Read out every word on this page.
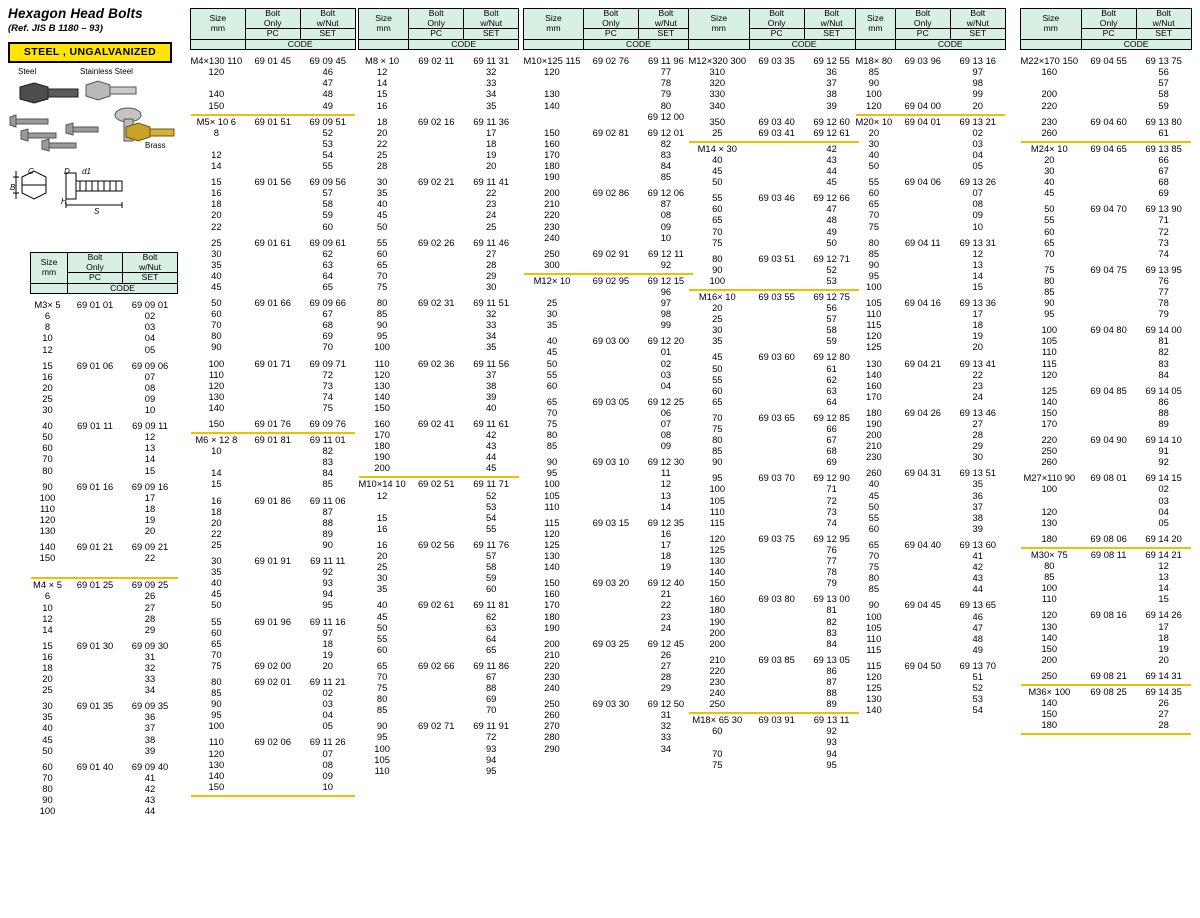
Hexagon Head Bolts
(Ref. JIS B 1180 – 93)
STEEL , UNGALVANIZED
Steel	Stainless Steel
Brass
C
B
D d1
H
S
Size
mm	Bolt
Only	Bolt
w/Nut
	PC	SET
	CODE	

M3× 5	69 01 01	69 09 01
6		02
8		03
10		04
12		05

15	69 01 06	69 09 06
16		07
20		08
25		09
30		10

40	69 01 11	69 09 11
50		12
60		13
70		14
80		15

90	69 01 16	69 09 16
100		17
110		18
120		19
130		20

140	69 01 21	69 09 21
150		22

M4 × 5	69 01 25	69 09 25
6		26
10		27
12		28
14		29

15	69 01 30	69 09 30
16		31
18		32
20		33
25		34

30	69 01 35	69 09 35
35		36
40		37
45		38
50		39

60	69 01 40	69 09 40
70		41
80		42
90		43
100		44

Size
mm	Bolt
Only	Bolt
w/Nut
	PC	SET
	CODE	

M4×130 110	69 01 45	69 09 45
120		46
		47
140		48
150		49

M5× 10 6	69 01 51	69 09 51
8		52
		53
12		54
14		55

15	69 01 56	69 09 56
16		57
18		58
20		59
22		60

25	69 01 61	69 09 61
30		62
35		63
40		64
45		65

50	69 01 66	69 09 66
60		67
70		68
80		69
90		70

100	69 01 71	69 09 71
110		72
120		73
130		74
140		75

150	69 01 76	69 09 76

M6 × 12 8	69 01 81	69 11 01
10		82
		83
14		84
15		85

16	69 01 86	69 11 06
18		87
20		88
22		89
25		90

30	69 01 91	69 11 11
35		92
40		93
45		94
50		95

55	69 01 96	69 11 16
60		97
65		18
70		19
75	69 02 00	20

80	69 02 01	69 11 21
85		02
90		03
95		04
100		05

110	69 02 06	69 11 26
120		07
130		08
140		09
150		10

Size
mm	Bolt
Only	Bolt
w/Nut
	PC	SET
	CODE	

M8 × 10	69 02 11	69 11 31
12		32
14		33
15		34
16		35

18	69 02 16	69 11 36
20		17
22		18
25		19
28		20

30	69 02 21	69 11 41
35		22
40		23
45		24
50		25

55	69 02 26	69 11 46
60		27
65		28
70		29
75		30

80	69 02 31	69 11 51
85		32
90		33
95		34
100		35

110	69 02 36	69 11 56
120		37
130		38
140		39
150		40

160	69 02 41	69 11 61
170		42
180		43
190		44
200		45

M10×14 10	69 02 51	69 11 71
12		52
		53
15		54
16		55

16	69 02 56	69 11 76
20		57
25		58
30		59
35		60

40	69 02 61	69 11 81
45		62
50		63
55		64
60		65

65	69 02 66	69 11 86
70		67
75		88
80		69
85		70

90	69 02 71	69 11 91
95		72
100		93
105		94
110		95

Size
mm	Bolt
Only	Bolt
w/Nut
	PC	SET
	CODE	

M10×125 115	69 02 76	69 11 96
120		77
		78
130		79
140		80
		69 12 00

150	69 02 81	69 12 01
160		82
170		83
180		84
190		85

200	69 02 86	69 12 06
210		87
220		08
230		09
240		10

250	69 02 91	69 12 11
300		92

M12× 10	69 02 95	69 12 15
		96
25		97
30		98
35		99

40	69 03 00	69 12 20
45		01
50		02
55		03
60		04

65	69 03 05	69 12 25
70		06
75		07
80		08
85		09

90	69 03 10	69 12 30
95		11
100		12
105		13
110		14

115	69 03 15	69 12 35
120		16
125		17
130		18
140		19

150	69 03 20	69 12 40
160		21
170		22
180		23
190		24

200	69 03 25	69 12 45
210		26
220		27
230		28
240		29

250	69 03 30	69 12 50
260		31
270		32
280		33
290		34

Size
mm	Bolt
Only	Bolt
w/Nut
	PC	SET
	CODE	

M12×320 300	69 03 35	69 12 55
310		36
320		37
330		38
340		39

350	69 03 40	69 12 60
25	69 03 41	69 12 61

M14 × 30		42
40		43
45		44
50		45

55	69 03 46	69 12 66
60		47
65		48
70		49
75		50

80	69 03 51	69 12 71
90		52
100		53

M16× 10	69 03 55	69 12 75
20		56
25		57
30		58
35		59

45	69 03 60	69 12 80
50		61
55		62
60		63
65		64

70	69 03 65	69 12 85
75		66
80		67
85		68
90		69

95	69 03 70	69 12 90
100		71
105		72
110		73
115		74

120	69 03 75	69 12 95
125		76
130		77
140		78
150		79

160	69 03 80	69 13 00
180		81
190		82
200		83
200		84

210	69 03 85	69 13 05
220		86
230		87
240		88
250		89

M18× 65 30	69 03 91	69 13 11
60		92
		93
70		94
75		95

Size
mm	Bolt
Only	Bolt
w/Nut
	PC	SET
	CODE	

M18× 80	69 03 96	69 13 16
85		97
90		98
100		99
120	69 04 00	20

M20× 10	69 04 01	69 13 21
20		02
30		03
40		04
50		05

55	69 04 06	69 13 26
60		07
65		08
70		09
75		10

80	69 04 11	69 13 31
85		12
90		13
95		14
100		15

105	69 04 16	69 13 36
110		17
115		18
120		19
125		20

130	69 04 21	69 13 41
140		22
160		23
170		24

180	69 04 26	69 13 46
190		27
200		28
210		29
230		30

260	69 04 31	69 13 51
40		35
45		36
50		37
55		38
60		39

65	69 04 40	69 13 60
70		41
75		42
80		43
85		44

90	69 04 45	69 13 65
100		46
105		47
110		48
115		49

115	69 04 50	69 13 70
120		51
125		52
130		53
140		54

Size
mm	Bolt
Only	Bolt
w/Nut
	PC	SET
	CODE	

M22×170 150	69 04 55	69 13 75
160		56
		57
200		58
220		59

230	69 04 60	69 13 80
260		61

M24× 10	69 04 65	69 13 85
20		66
30		67
40		68
45		69

50	69 04 70	69 13 90
55		71
60		72
65		73
70		74

75	69 04 75	69 13 95
80		76
85		77
90		78
95		79

100	69 04 80	69 14 00
105		81
110		82
115		83
120		84

125	69 04 85	69 14 05
140		86
150		88
170		89

220	69 04 90	69 14 10
250		91
260		92

M27×110 90	69 08 01	69 14 15
100		02
		03
120		04
130		05

180	69 08 06	69 14 20

M30× 75	69 08 11	69 14 21
80		12
85		13
100		14
110		15

120	69 08 16	69 14 26
130		17
140		18
150		19
200		20

250	69 08 21	69 14 31

M36× 100	69 08 25	69 14 35
140		26
150		27
180		28
